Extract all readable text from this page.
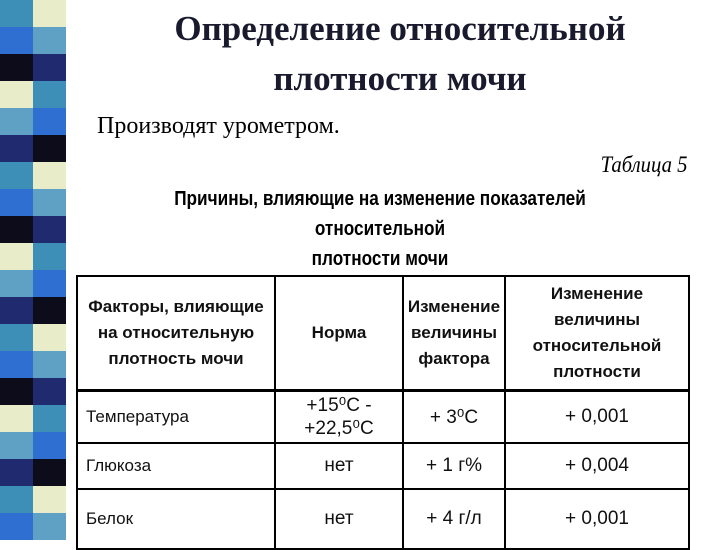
Определение относительной
плотности мочи
Производят урометром.
Таблица 5
Причины, влияющие на изменение показателей относительной
плотности мочи
Факторы, влияющие на относительную плотность мочи	Норма	Изменение величины фактора	Изменение величины относительной плотности
Температура	+15⁰С - +22,5⁰С	+ 3⁰С	+ 0,001
Глюкоза	нет	+ 1 г%	+ 0,004
Белок	нет	+ 4 г/л	+ 0,001
